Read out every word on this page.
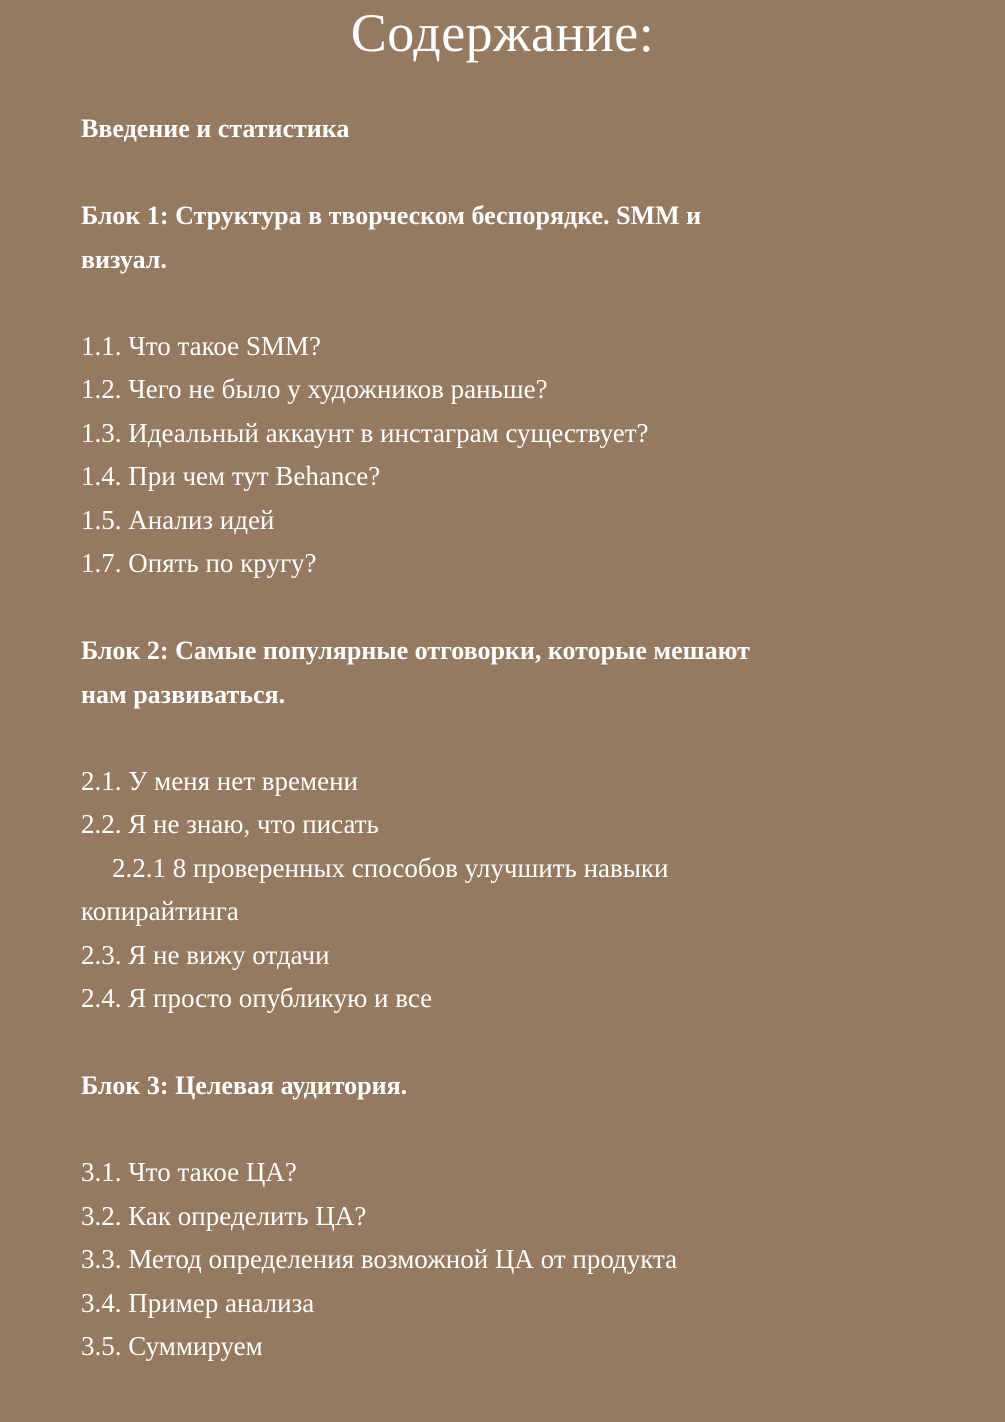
Содержание:
Введение и статистика
Блок 1: Структура в творческом беспорядке. SMM и
визуал.
1.1. Что такое SMM?
1.2. Чего не было у художников раньше?
1.3. Идеальный аккаунт в инстаграм существует?
1.4. При чем тут Behance?
1.5. Анализ идей
1.7. Опять по кругу?
Блок 2: Самые популярные отговорки, которые мешают
нам развиваться.
2.1. У меня нет времени
2.2. Я не знаю, что писать
2.2.1 8 проверенных способов улучшить навыки
копирайтинга
2.3. Я не вижу отдачи
2.4. Я просто опубликую и все
Блок 3: Целевая аудитория.
3.1. Что такое ЦА?
3.2. Как определить ЦА?
3.3. Метод определения возможной ЦА от продукта
3.4. Пример анализа
3.5. Суммируем
